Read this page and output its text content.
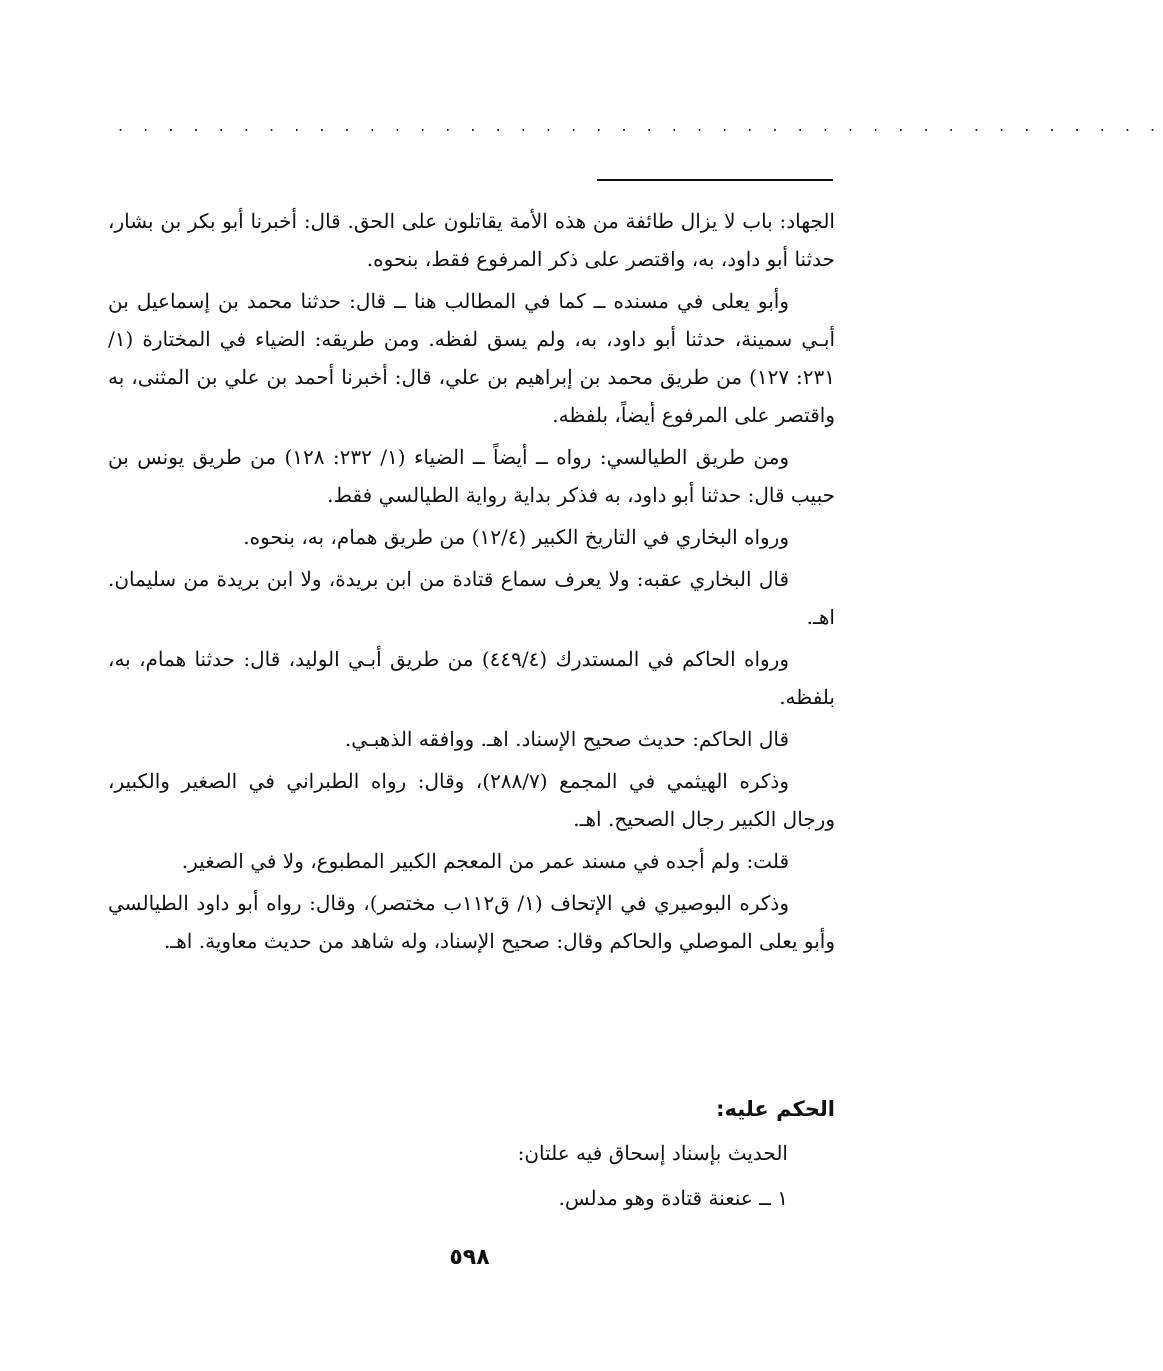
. . . . . . . . . . . . . . . . . . . . . . . . . . . . . . . . . . . . . . . . . .

الجهاد: باب لا يزال طائفة من هذه الأمة يقاتلون على الحق. قال: أخبرنا أبو بكر بن بشار، حدثنا أبو داود، به، واقتصر على ذكر المرفوع فقط، بنحوه.

وأبو يعلى في مسنده ــ كما في المطالب هنا ــ قال: حدثنا محمد بن إسماعيل بن أبـي سمينة، حدثنا أبو داود، به، ولم يسق لفظه. ومن طريقه: الضياء في المختارة (١/ ٢٣١: ١٢٧) من طريق محمد بن إبراهيم بن علي، قال: أخبرنا أحمد بن علي بن المثنى، به واقتصر على المرفوع أيضاً، بلفظه.

ومن طريق الطيالسي: رواه ــ أيضاً ــ الضياء (١/ ٢٣٢: ١٢٨) من طريق يونس بن حبيب قال: حدثنا أبو داود، به فذكر بداية رواية الطيالسي فقط.

ورواه البخاري في التاريخ الكبير (١٢/٤) من طريق همام، به، بنحوه.

قال البخاري عقبه: ولا يعرف سماع قتادة من ابن بريدة، ولا ابن بريدة من سليمان. اهـ.

ورواه الحاكم في المستدرك (٤٤٩/٤) من طريق أبـي الوليد، قال: حدثنا همام، به، بلفظه.

قال الحاكم: حديث صحيح الإسناد. اهـ. ووافقه الذهبـي.

وذكره الهيثمي في المجمع (٢٨٨/٧)، وقال: رواه الطبراني في الصغير والكبير، ورجال الكبير رجال الصحيح. اهـ.

قلت: ولم أجده في مسند عمر من المعجم الكبير المطبوع، ولا في الصغير.

وذكره البوصيري في الإتحاف (١/ ق١١٢ب مختصر)، وقال: رواه أبو داود الطيالسي وأبو يعلى الموصلي والحاكم وقال: صحيح الإسناد، وله شاهد من حديث معاوية. اهـ.

الحكم عليه:
الحديث بإسناد إسحاق فيه علتان:
١ ــ عنعنة قتادة وهو مدلس.
٥٩٨
